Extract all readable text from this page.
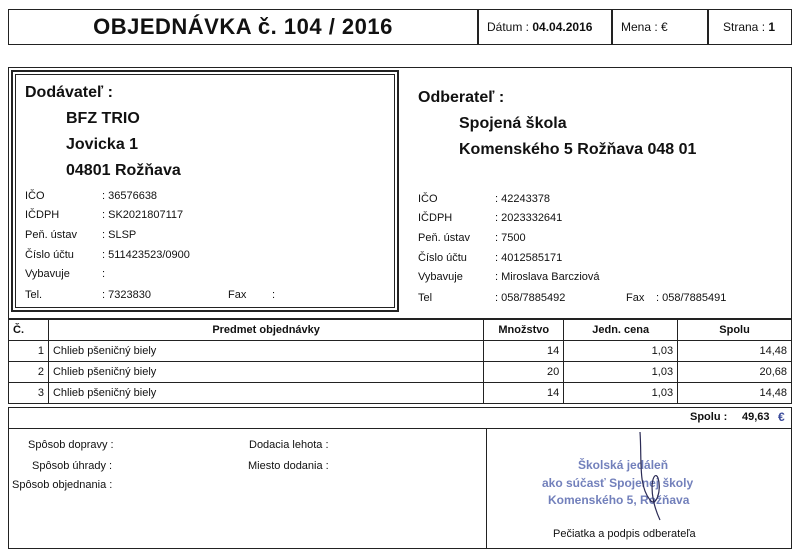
OBJEDNÁVKA č. 104 / 2016	Dátum : 04.04.2016	Mena : €	Strana : 1
Dodávateľ :
BFZ TRIO
Jovicka 1
04801 Rožňava
IČO	: 36576638
IČDPH	: SK2021807117
Peň. ústav : SLSP
Číslo účtu	: 511423523/0900
Vybavuje	:
Tel.	: 7323830	Fax :
Odberateľ :
Spojená škola
Komenského 5 Rožňava 048 01
IČO	: 42243378
IČDPH	: 2023332641
Peň. ústav : 7500
Číslo účtu	: 4012585171
Vybavuje	: Miroslava Barcziová
Tel	: 058/7885492	Fax : 058/7885491
Č.	Predmet objednávky	Množstvo	Jedn. cena	Spolu
1	Chlieb pšeničný biely	14	1,03	14,48
2	Chlieb pšeničný biely	20	1,03	20,68
3	Chlieb pšeničný biely	14	1,03	14,48
Spolu : 49,63 €
Spôsob dopravy :
Spôsob úhrady :
Spôsob objednania :
Dodacia lehota :
Miesto dodania :	Školská jedáleň
ako súčasť Spojenej školy
Komenského 5, Rožňava
Pečiatka a podpis odberateľa
